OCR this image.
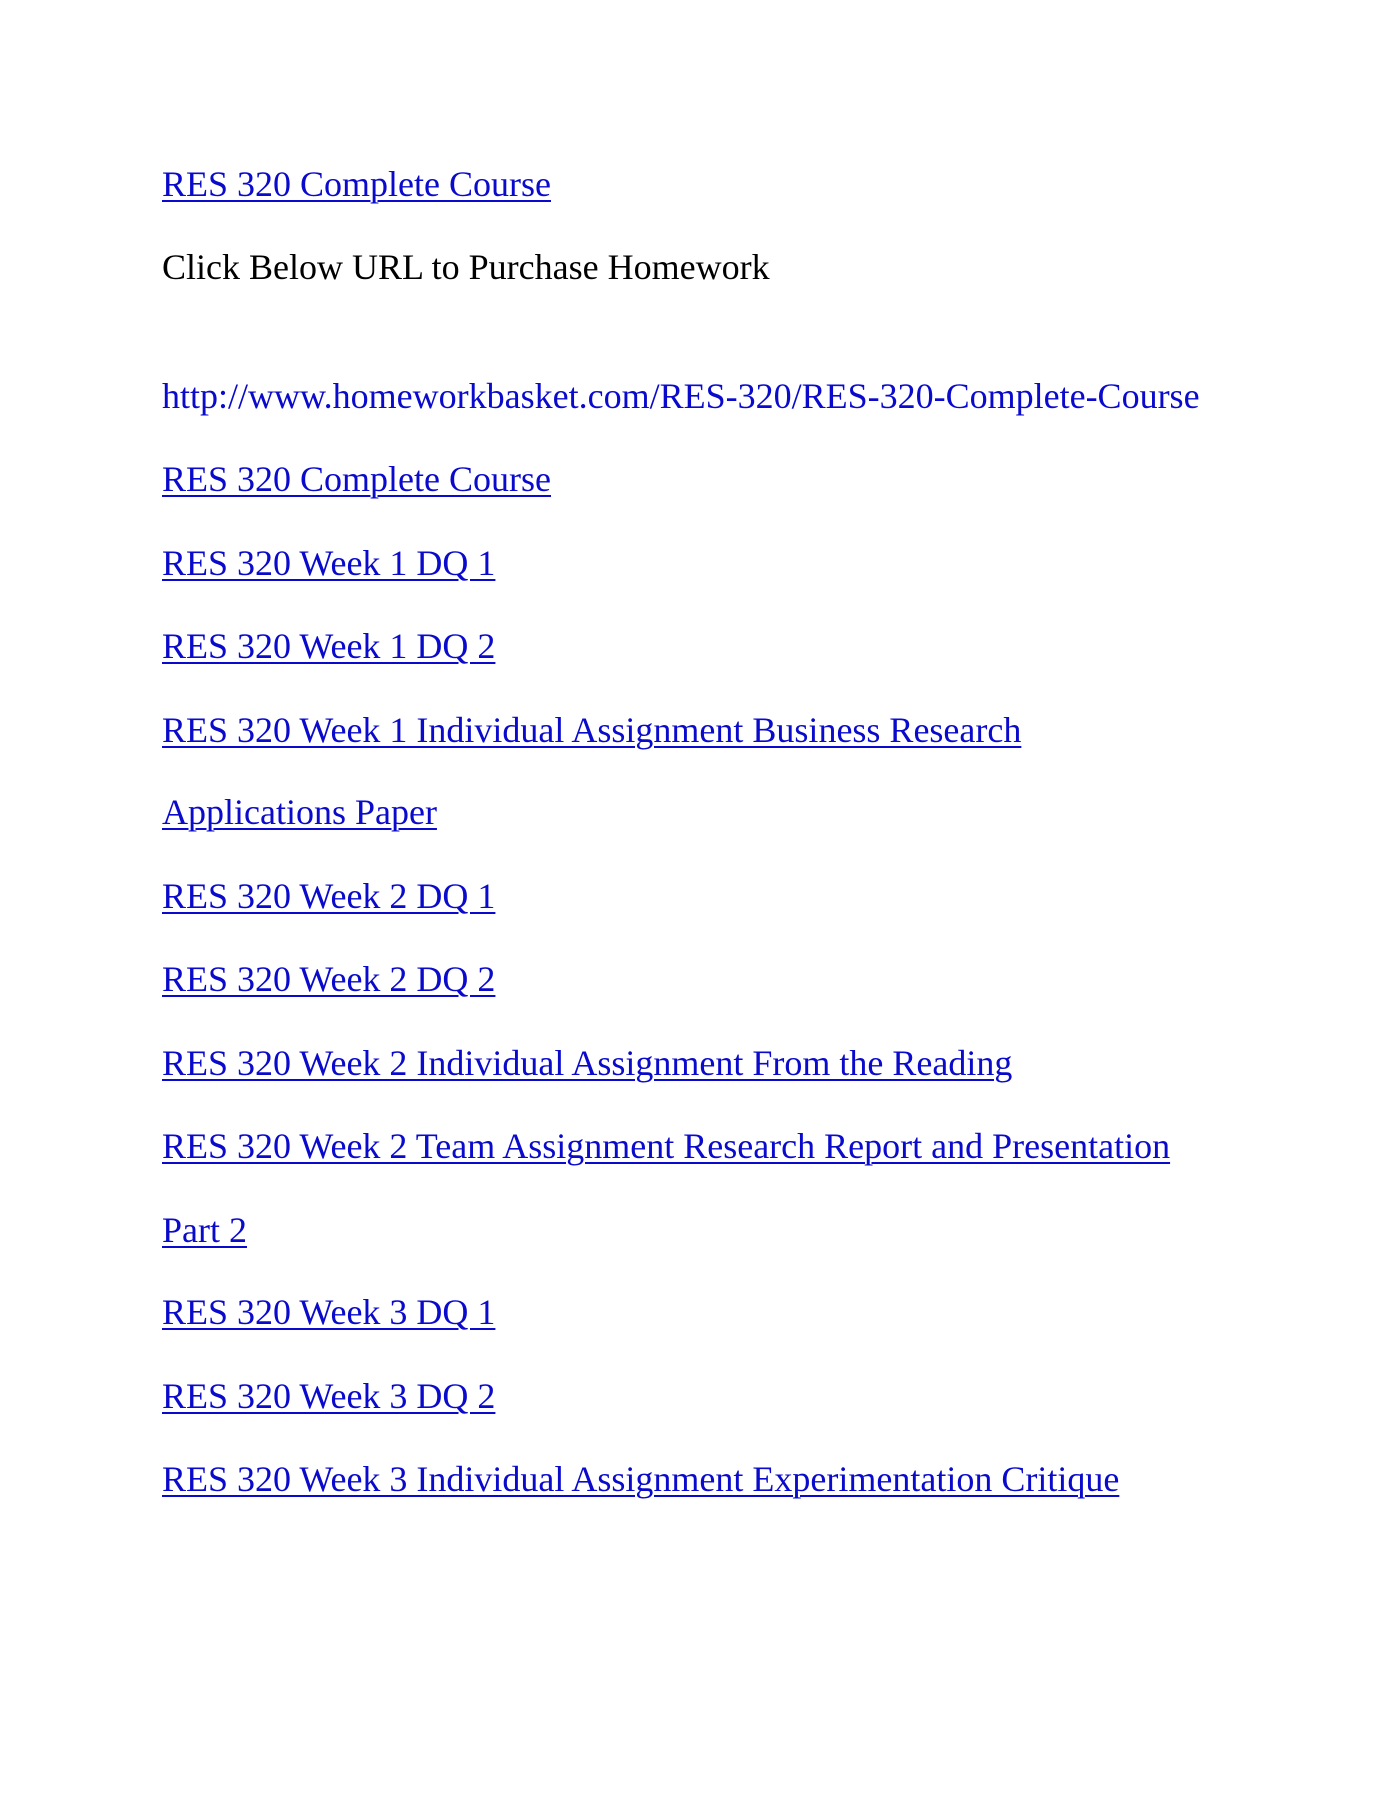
RES 320 Complete Course
Click Below URL to Purchase Homework
http://www.homeworkbasket.com/RES-320/RES-320-Complete-Course
RES 320 Complete Course
RES 320 Week 1 DQ 1
RES 320 Week 1 DQ 2
RES 320 Week 1 Individual Assignment Business Research
Applications Paper
RES 320 Week 2 DQ 1
RES 320 Week 2 DQ 2
RES 320 Week 2 Individual Assignment From the Reading
RES 320 Week 2 Team Assignment Research Report and Presentation
Part 2
RES 320 Week 3 DQ 1
RES 320 Week 3 DQ 2
RES 320 Week 3 Individual Assignment Experimentation Critique
